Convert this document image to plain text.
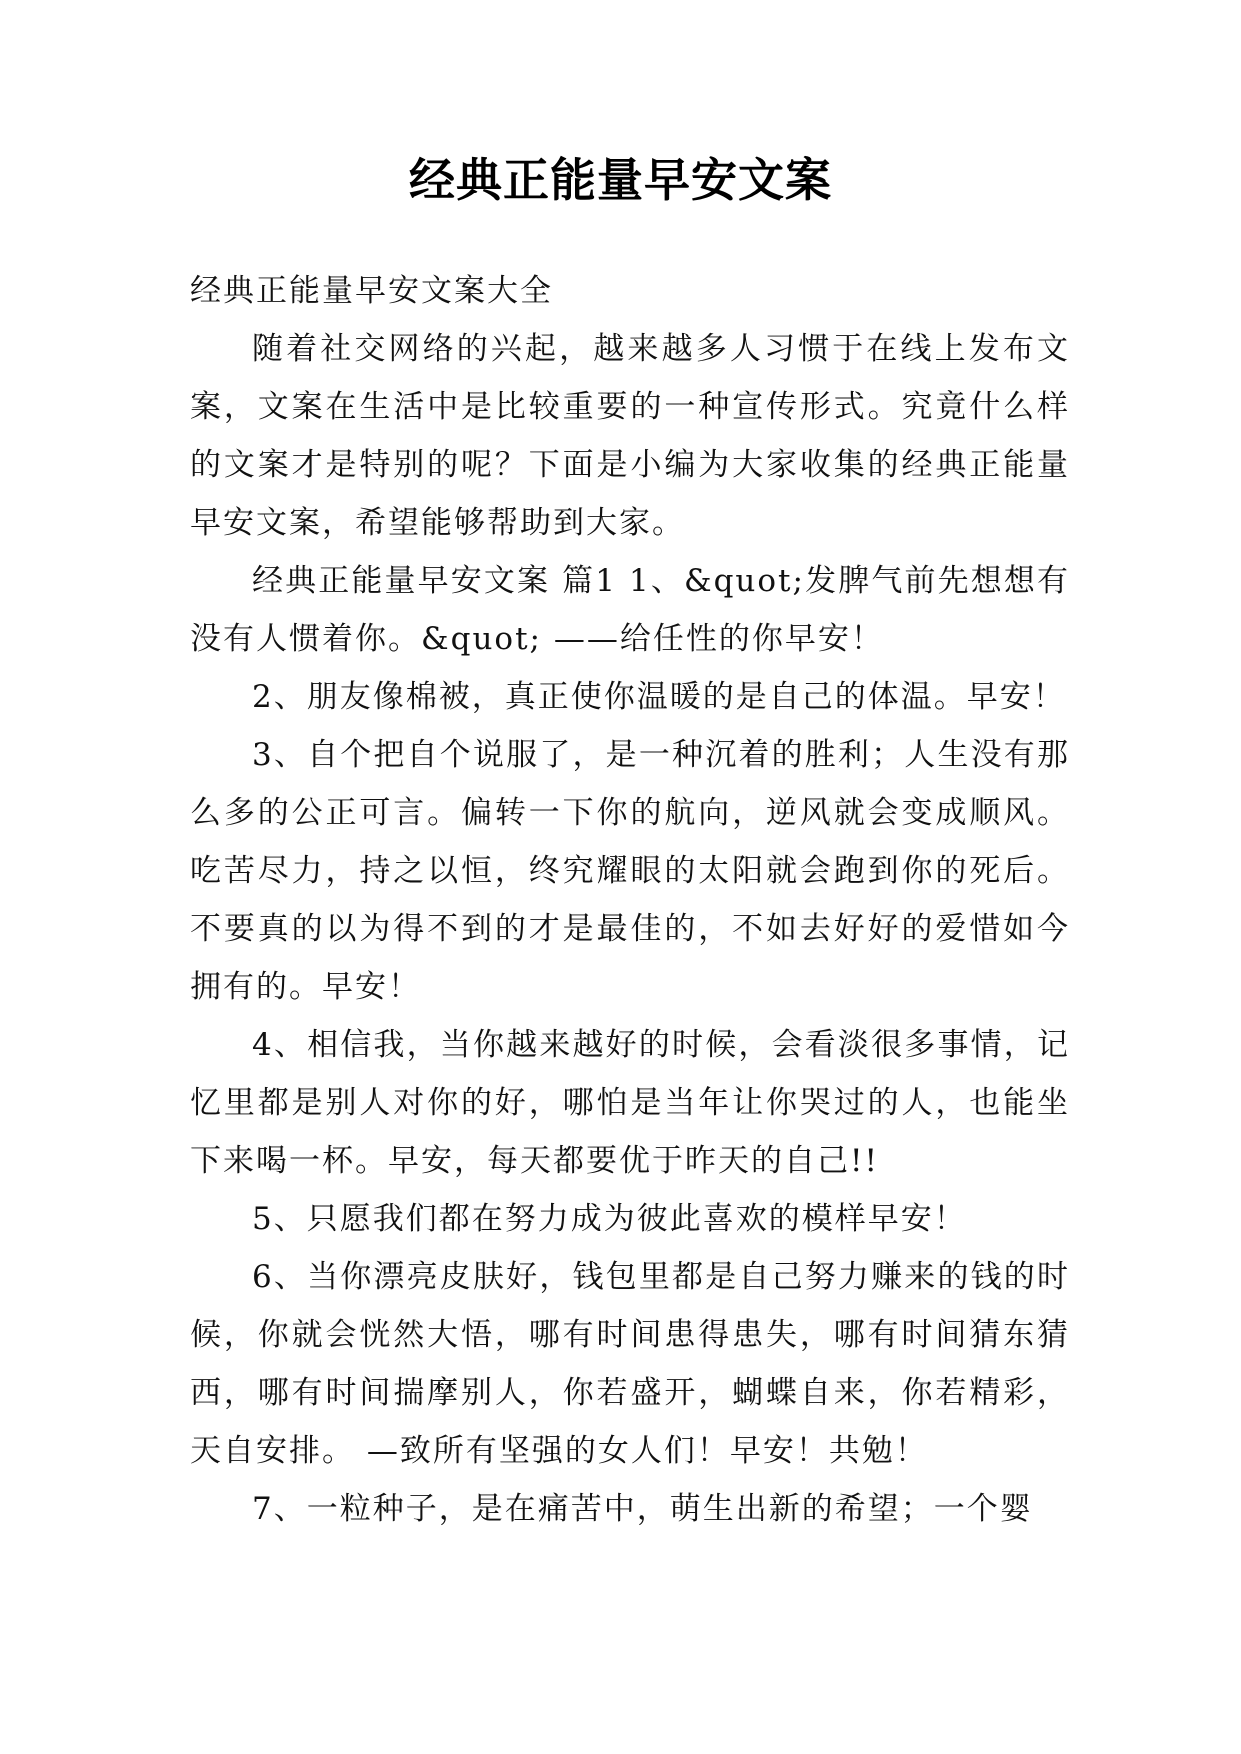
经典正能量早安文案

经典正能量早安文案大全

随着社交网络的兴起，越来越多人习惯于在线上发布文案，文案在生活中是比较重要的一种宣传形式。究竟什么样的文案才是特别的呢？下面是小编为大家收集的经典正能量早安文案，希望能够帮助到大家。

经典正能量早安文案 篇1 1、&quot;发脾气前先想想有没有人惯着你。&quot; ——给任性的你早安！

2、朋友像棉被，真正使你温暖的是自己的体温。早安！

3、自个把自个说服了，是一种沉着的胜利；人生没有那么多的公正可言。偏转一下你的航向，逆风就会变成顺风。吃苦尽力，持之以恒，终究耀眼的太阳就会跑到你的死后。不要真的以为得不到的才是最佳的，不如去好好的爱惜如今拥有的。早安！

4、相信我，当你越来越好的时候，会看淡很多事情，记忆里都是别人对你的好，哪怕是当年让你哭过的人，也能坐下来喝一杯。早安，每天都要优于昨天的自己!!

5、只愿我们都在努力成为彼此喜欢的模样早安！

6、当你漂亮皮肤好，钱包里都是自己努力赚来的钱的时候，你就会恍然大悟，哪有时间患得患失，哪有时间猜东猜西，哪有时间揣摩别人，你若盛开，蝴蝶自来，你若精彩，天自安排。 —致所有坚强的女人们！早安！共勉！

7、一粒种子，是在痛苦中，萌生出新的希望；一个婴
